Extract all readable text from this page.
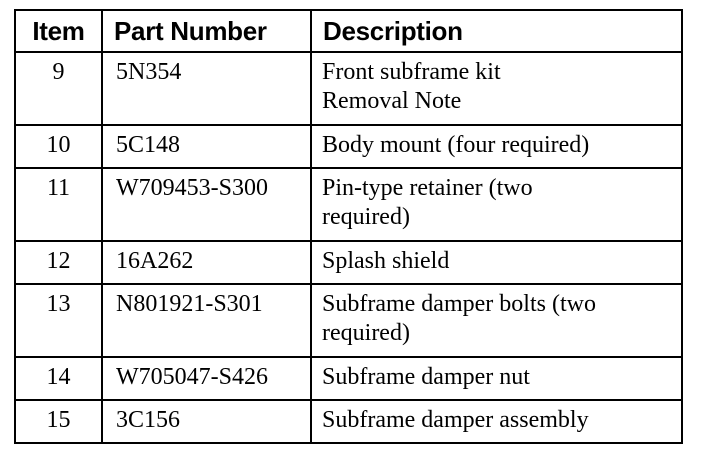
Item	Part Number	Description
9	5N354	Front subframe kit
Removal Note
10	5C148	Body mount (four required)
11	W709453-S300	Pin-type retainer (two
required)
12	16A262	Splash shield
13	N801921-S301	Subframe damper bolts (two
required)
14	W705047-S426	Subframe damper nut
15	3C156	Subframe damper assembly
